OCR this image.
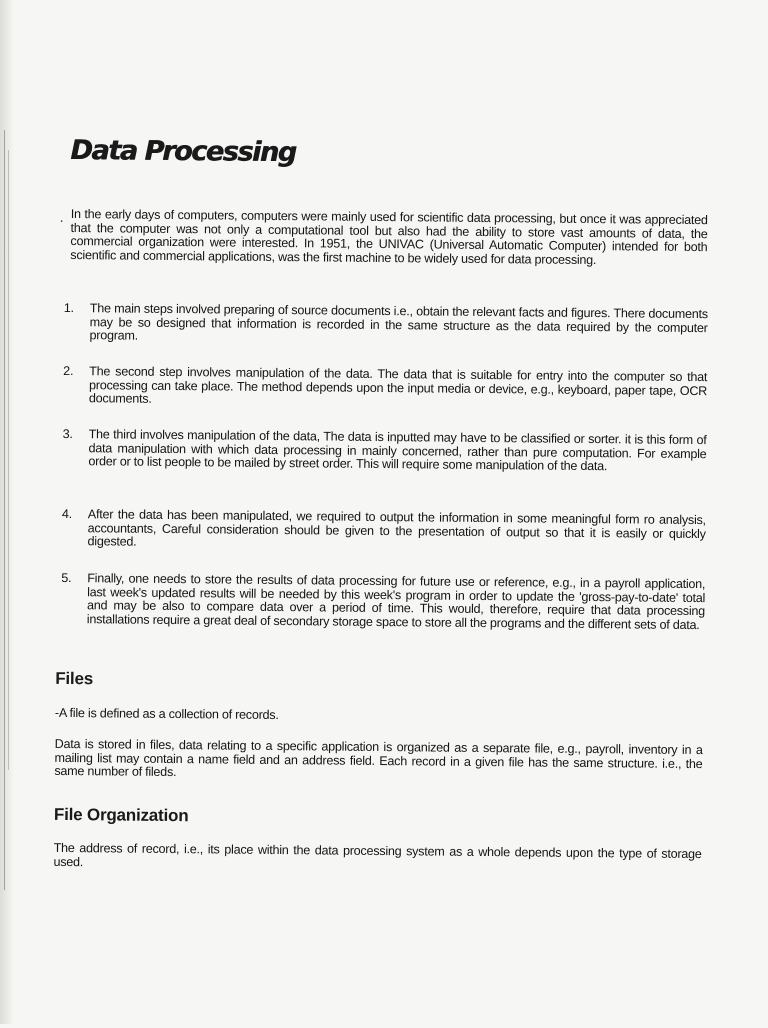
Data Processing
. In the early days of computers, computers were mainly used for scientific data processing, but once it was appreciated that the computer was not only a computational tool but also had the ability to store vast amounts of data, the commercial organization were interested. In 1951, the UNIVAC (Universal Automatic Computer) intended for both scientific and commercial applications, was the first machine to be widely used for data processing.

1. The main steps involved preparing of source documents i.e., obtain the relevant facts and figures. There documents may be so designed that information is recorded in the same structure as the data required by the computer program.
2. The second step involves manipulation of the data. The data that is suitable for entry into the computer so that processing can take place. The method depends upon the input media or device, e.g., keyboard, paper tape, OCR documents.
3. The third involves manipulation of the data, The data is inputted may have to be classified or sorter. it is this form of data manipulation with which data processing in mainly concerned, rather than pure computation. For example order or to list people to be mailed by street order. This will require some manipulation of the data.
4. After the data has been manipulated, we required to output the information in some meaningful form ro analysis, accountants, Careful consideration should be given to the presentation of output so that it is easily or quickly digested.
5. Finally, one needs to store the results of data processing for future use or reference, e.g., in a payroll application, last week's updated results will be needed by this week's program in order to update the 'gross-pay-to-date' total and may be also to compare data over a period of time. This would, therefore, require that data processing installations require a great deal of secondary storage space to store all the programs and the different sets of data.
Files

-A file is defined as a collection of records.

Data is stored in files, data relating to a specific application is organized as a separate file, e.g., payroll, inventory in a mailing list may contain a name field and an address field. Each record in a given file has the same structure. i.e., the same number of fileds.

File Organization

The address of record, i.e., its place within the data processing system as a whole depends upon the type of storage used.
